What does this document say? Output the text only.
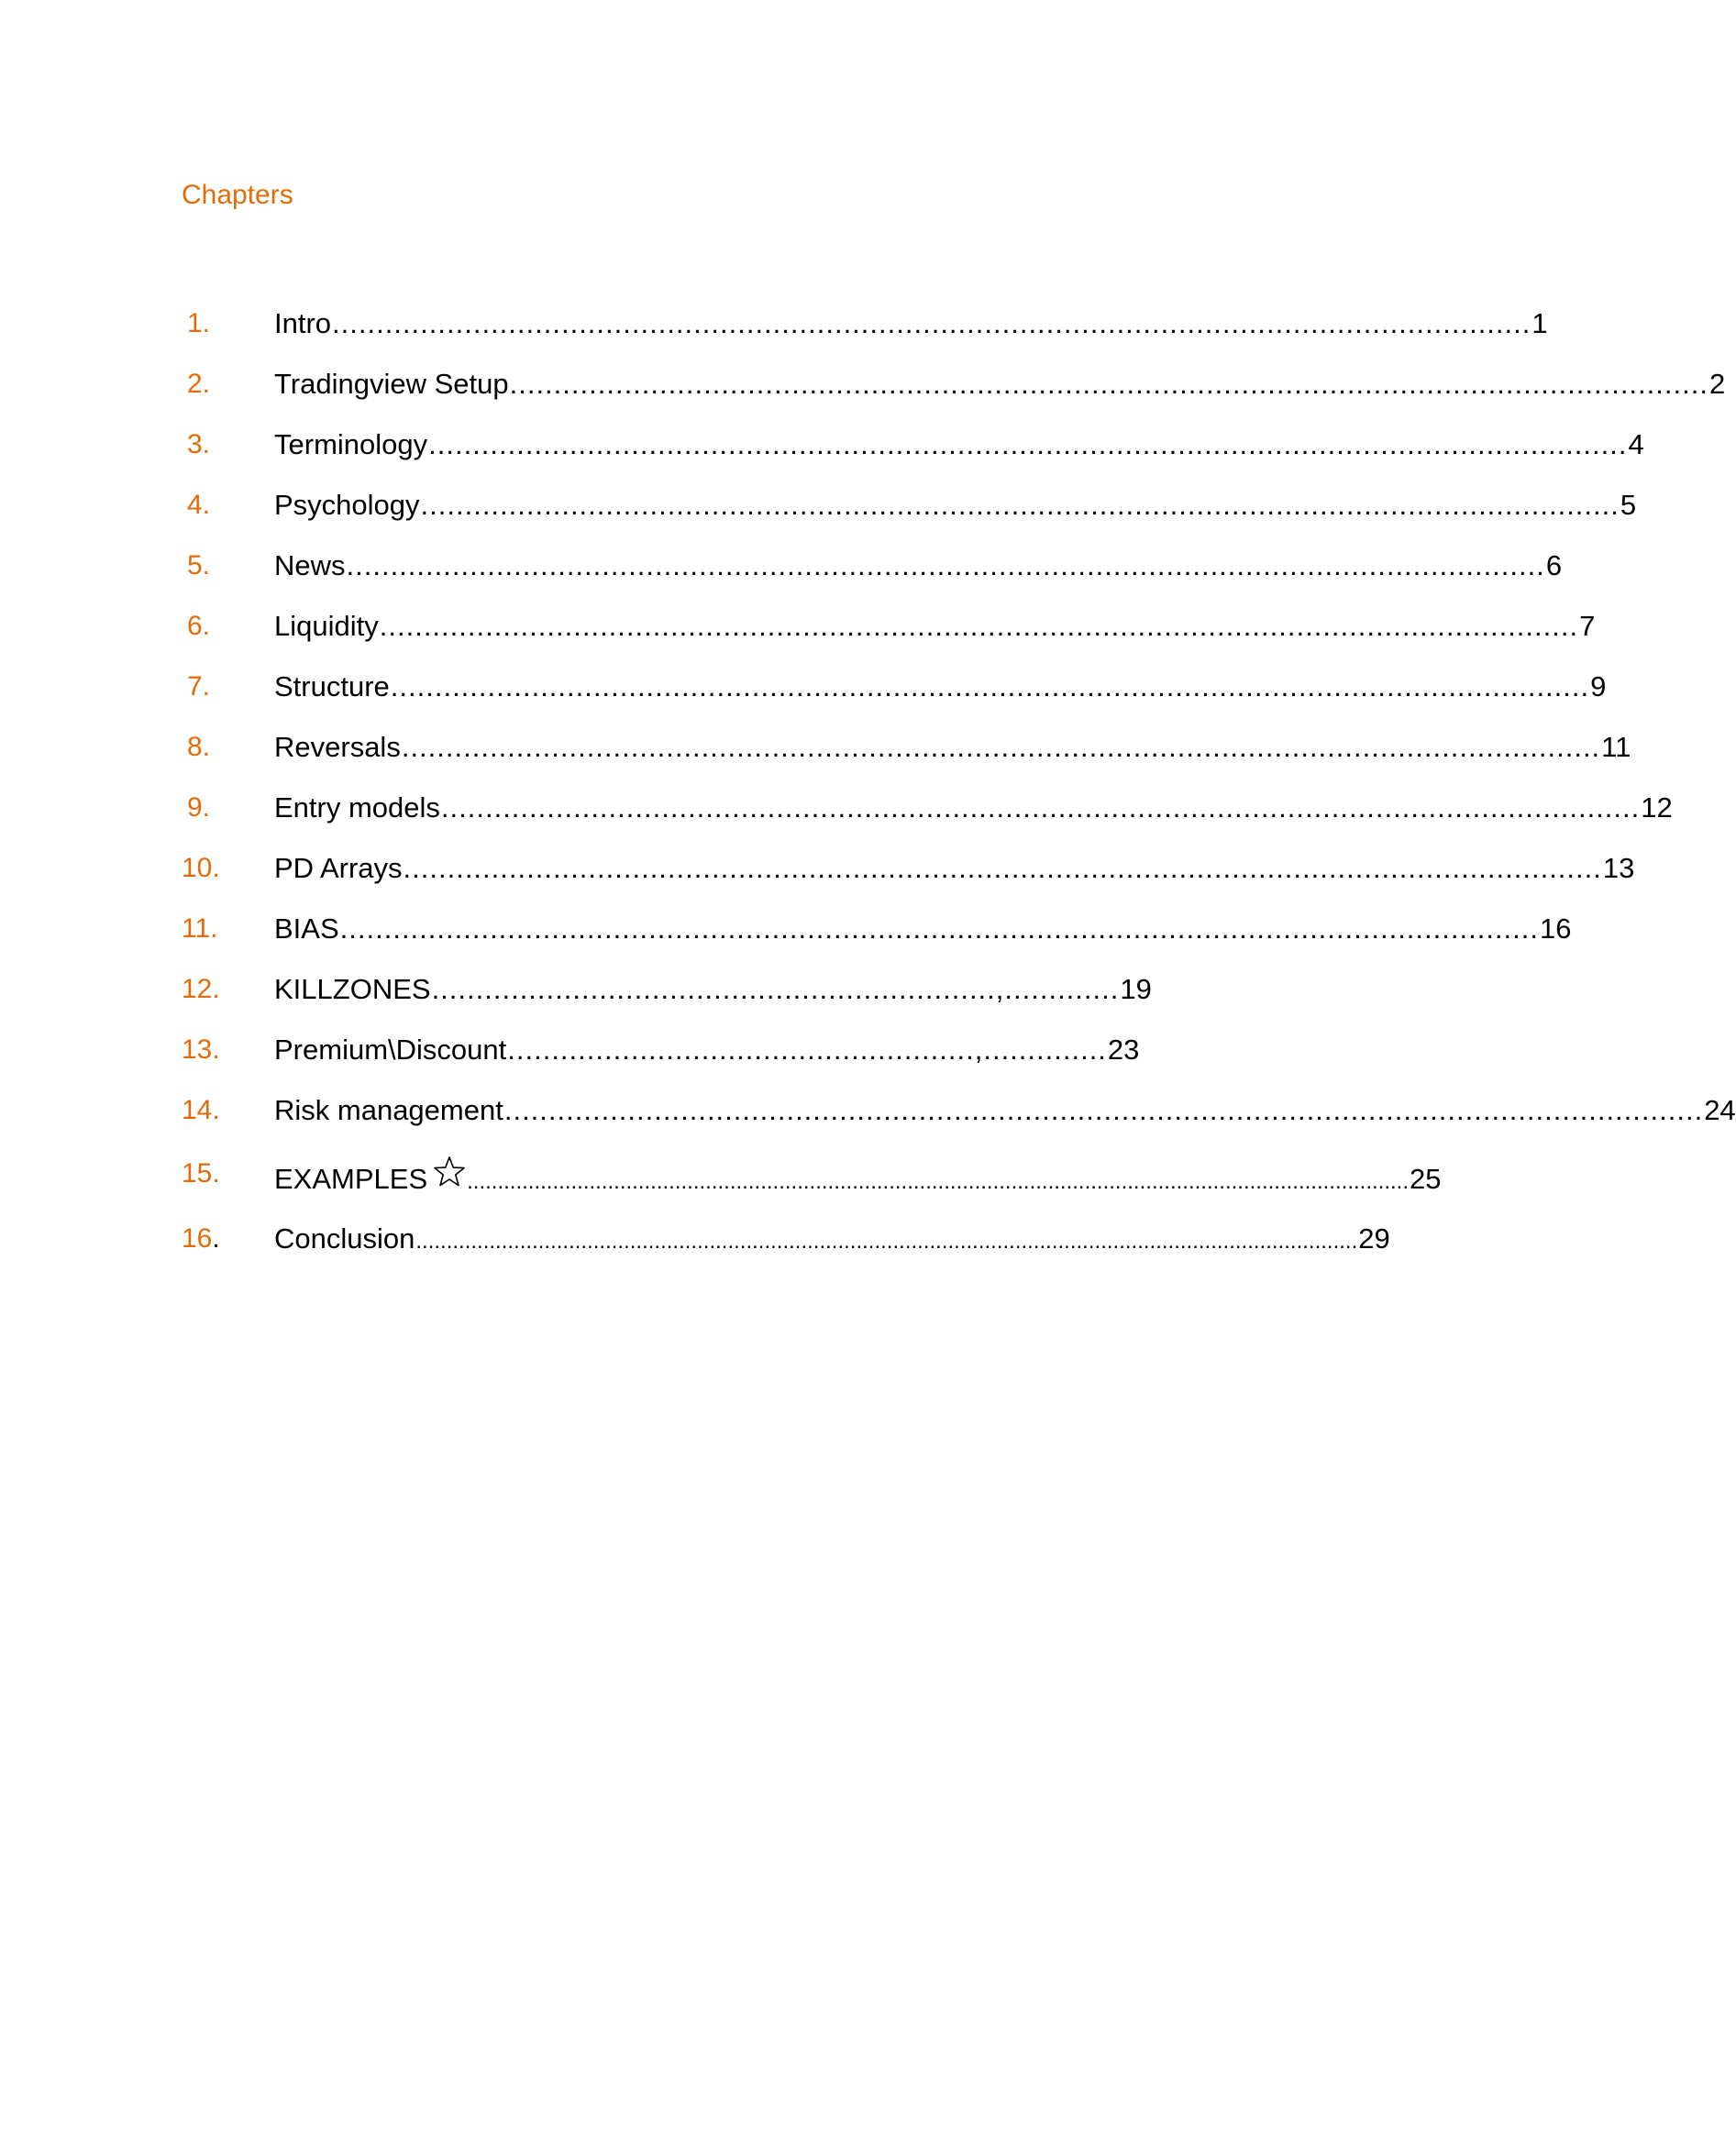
Chapters
1. Intro ........................................................................................................................................ 1
2. Tradingview Setup ........................................................................................................................................ 2
3. Terminology ........................................................................................................................................ 4
4. Psychology ........................................................................................................................................ 5
5. News ........................................................................................................................................ 6
6. Liquidity ........................................................................................................................................ 7
7. Structure ........................................................................................................................................ 9
8. Reversals ........................................................................................................................................ 11
9. Entry models ........................................................................................................................................ 12
10. PD Arrays ........................................................................................................................................ 13
11. BIAS ........................................................................................................................................ 16
12. KILLZONES ................................................................,............. 19
13. Premium\Discount .....................................................,.............. 23
14. Risk management ........................................................................................................................................ 24
15. EXAMPLES .......................................................................................................................................................... 25
16. Conclusion .......................................................................................................................................................... 29
